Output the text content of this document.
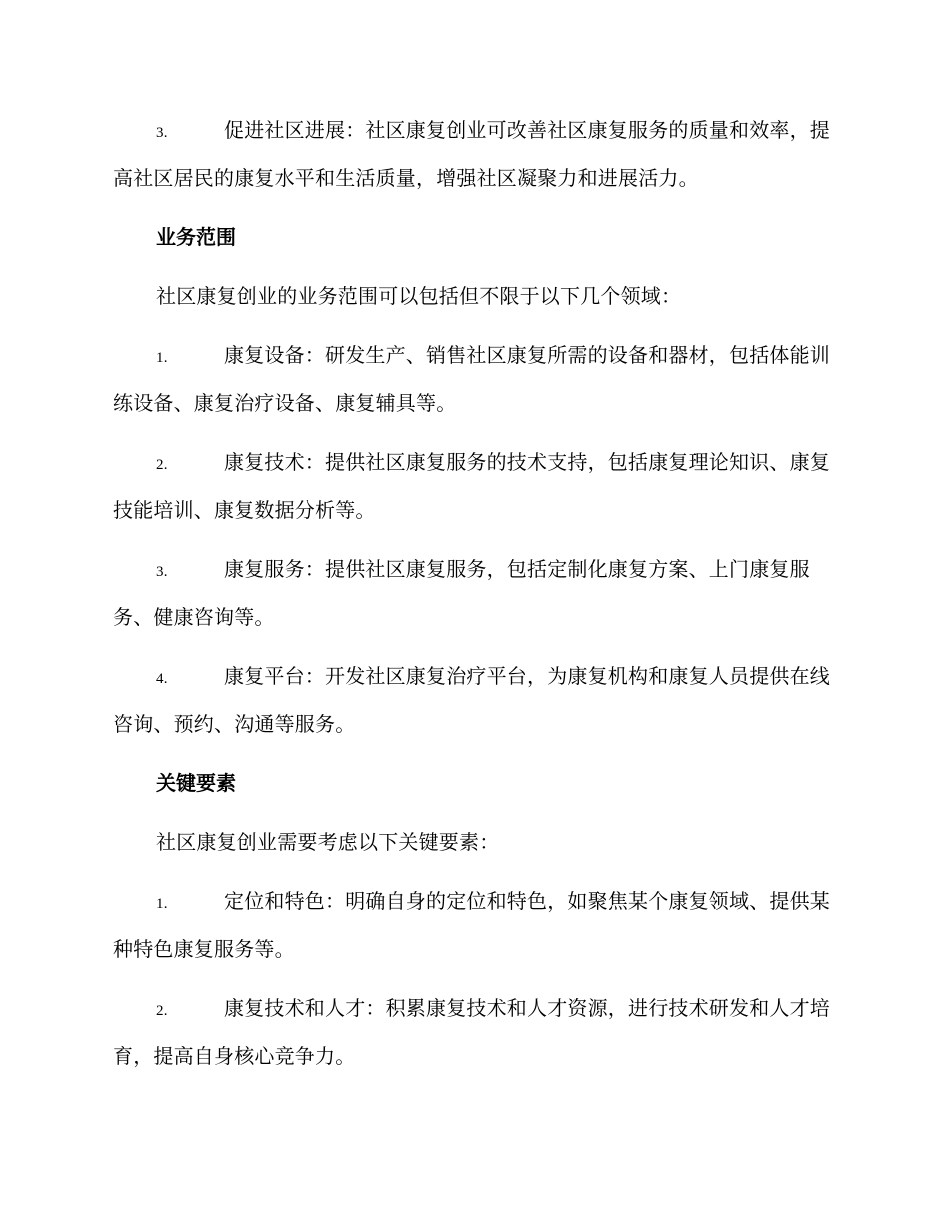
3.	促进社区进展：社区康复创业可改善社区康复服务的质量和效率，提高社区居民的康复水平和生活质量，增强社区凝聚力和进展活力。

业务范围

社区康复创业的业务范围可以包括但不限于以下几个领域：

1.	康复设备：研发生产、销售社区康复所需的设备和器材，包括体能训练设备、康复治疗设备、康复辅具等。

2.	康复技术：提供社区康复服务的技术支持，包括康复理论知识、康复技能培训、康复数据分析等。

3.	康复服务：提供社区康复服务，包括定制化康复方案、上门康复服务、健康咨询等。

4.	康复平台：开发社区康复治疗平台，为康复机构和康复人员提供在线咨询、预约、沟通等服务。

关键要素

社区康复创业需要考虑以下关键要素：

1.	定位和特色：明确自身的定位和特色，如聚焦某个康复领域、提供某种特色康复服务等。

2.	康复技术和人才：积累康复技术和人才资源，进行技术研发和人才培育，提高自身核心竞争力。
